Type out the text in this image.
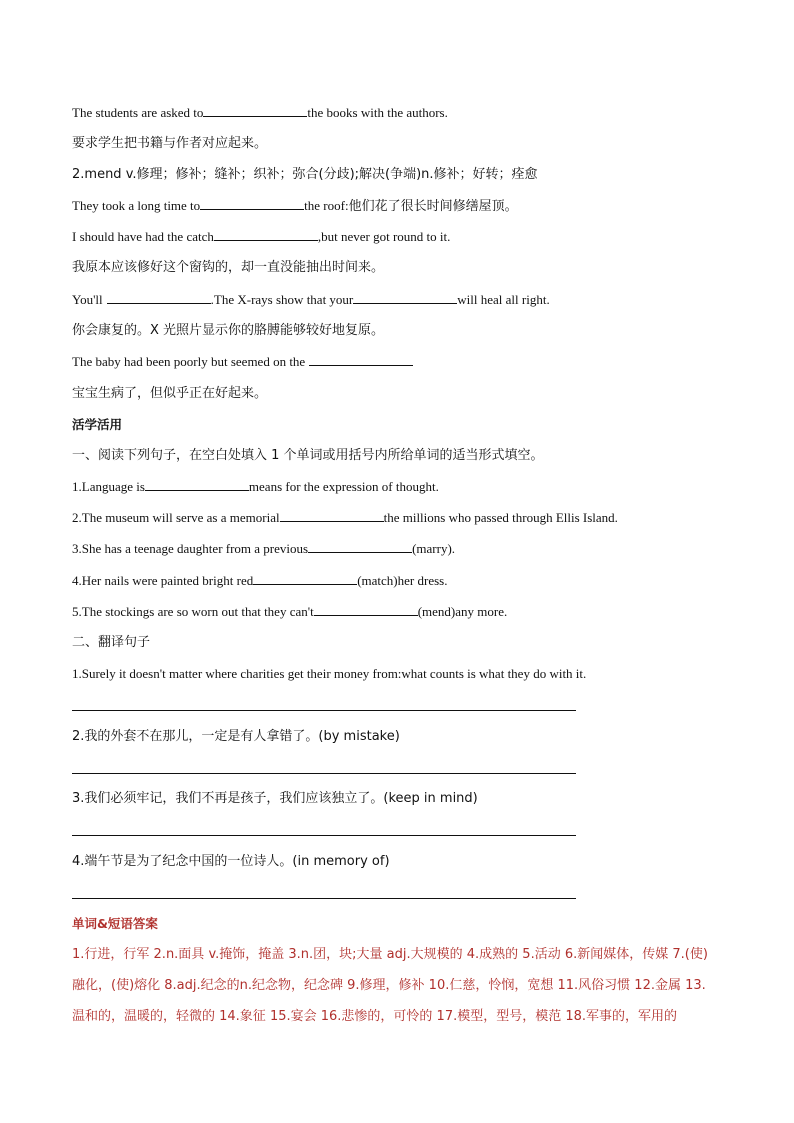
The students are asked to	the books with the authors.
要求学生把书籍与作者对应起来。
2.mend v.修理；修补；缝补；织补；弥合(分歧);解决(争端)n.修补；好转；痊愈
They took a long time to	the roof:他们花了很长时间修缮屋顶。
I should have had the catch	,but never got round to it.
我原本应该修好这个窗钩的，却一直没能抽出时间来。
You'll	.The X-rays show that your	will heal all right.
你会康复的。X 光照片显示你的胳膊能够较好地复原。
The baby had been poorly but seemed on the
宝宝生病了，但似乎正在好起来。
活学活用
一、阅读下列句子，在空白处填入 1 个单词或用括号内所给单词的适当形式填空。
1.Language is	means for the expression of thought.
2.The museum will serve as a memorial	the millions who passed through Ellis Island.
3.She has a teenage daughter from a previous	(marry).
4.Her nails were painted bright red	(match)her dress.
5.The stockings are so worn out that they can't	(mend)any more.
二、翻译句子
1.Surely it doesn't matter where charities get their money from:what counts is what they do with it.
2.我的外套不在那儿，一定是有人拿错了。(by mistake)
3.我们必须牢记，我们不再是孩子，我们应该独立了。(keep in mind)
4.端午节是为了纪念中国的一位诗人。(in memory of)
单词&短语答案
1.行进，行军 2.n.面具 v.掩饰，掩盖 3.n.团，块;大量 adj.大规模的 4.成熟的 5.活动 6.新闻媒体，传媒 7.(使)
融化，(使)熔化 8.adj.纪念的n.纪念物，纪念碑 9.修理，修补 10.仁慈，怜悯，宽想 11.风俗习惯 12.金属 13.
温和的，温暖的，轻微的 14.象征 15.宴会 16.悲惨的，可怜的 17.模型，型号，模范 18.军事的，军用的
